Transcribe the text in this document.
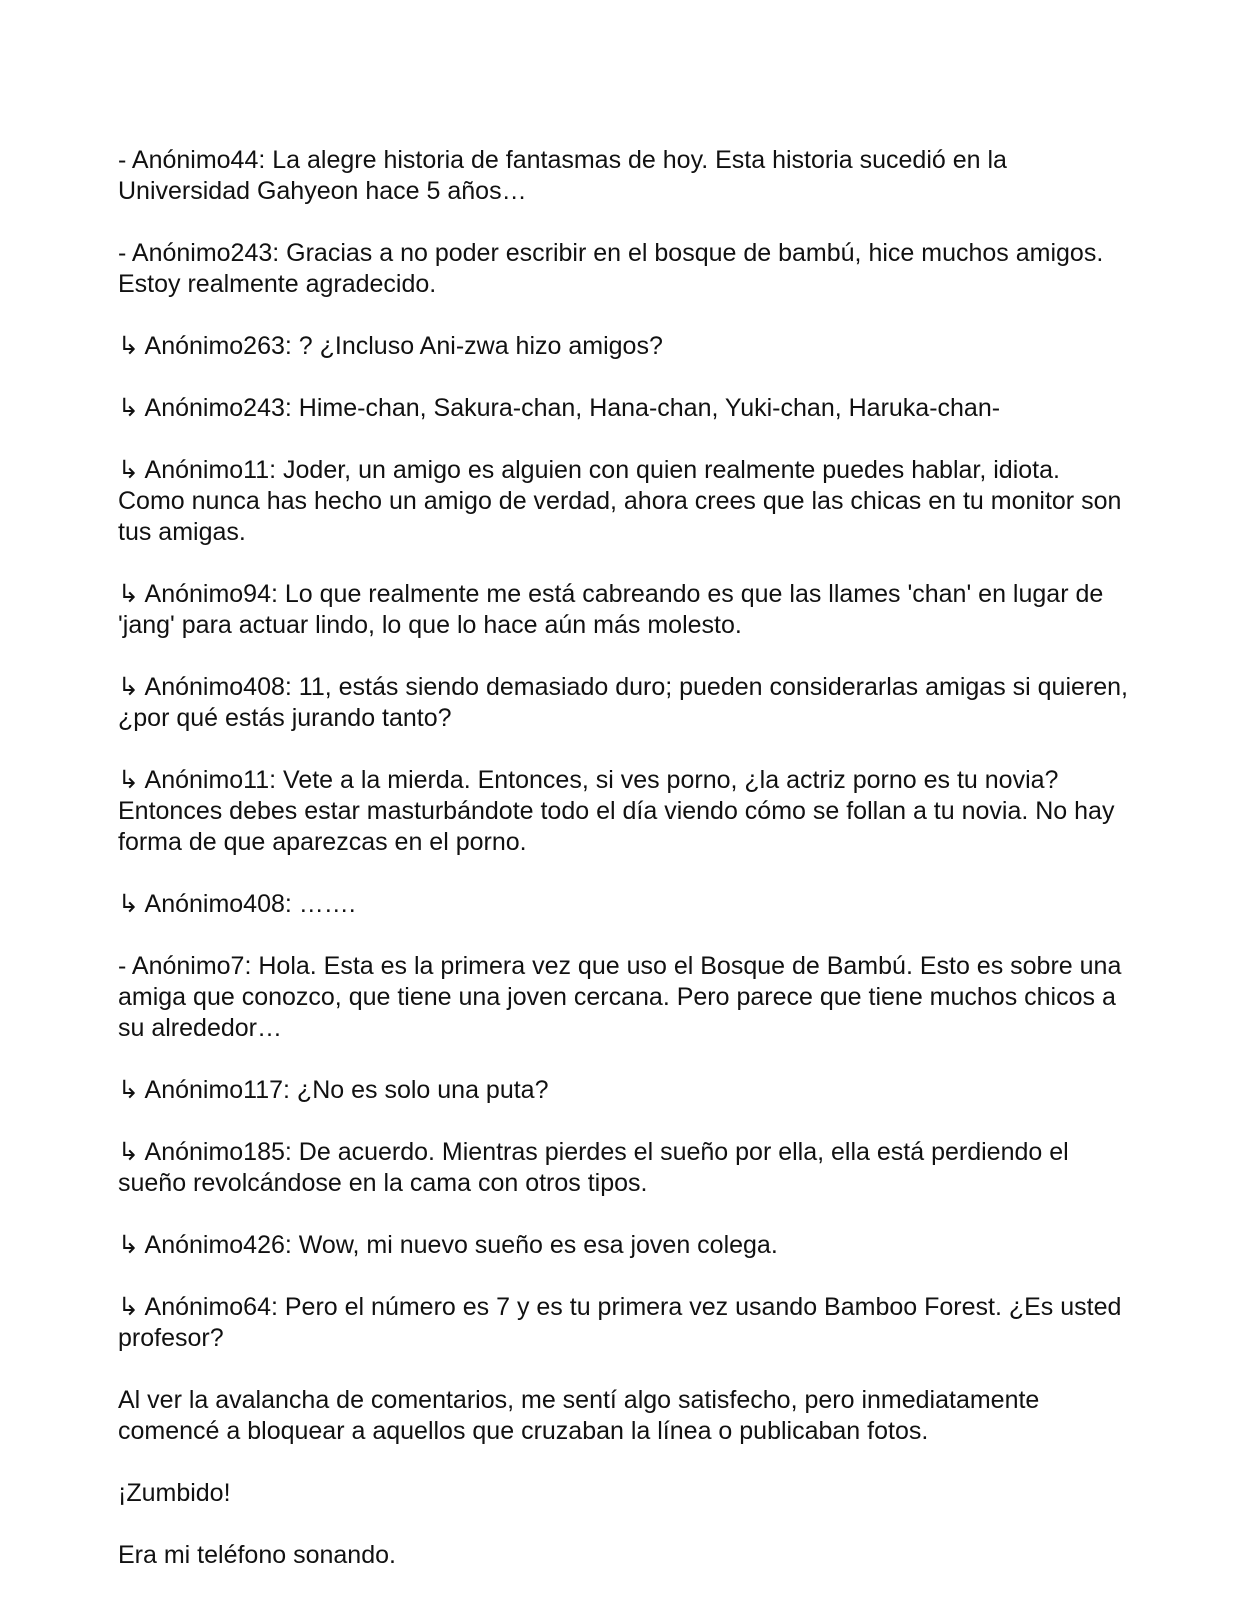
- Anónimo44: La alegre historia de fantasmas de hoy. Esta historia sucedió en la Universidad Gahyeon hace 5 años…

- Anónimo243: Gracias a no poder escribir en el bosque de bambú, hice muchos amigos. Estoy realmente agradecido.

↳ Anónimo263: ? ¿Incluso Ani-zwa hizo amigos?

↳ Anónimo243: Hime-chan, Sakura-chan, Hana-chan, Yuki-chan, Haruka-chan-

↳ Anónimo11: Joder, un amigo es alguien con quien realmente puedes hablar, idiota. Como nunca has hecho un amigo de verdad, ahora crees que las chicas en tu monitor son tus amigas.

↳ Anónimo94: Lo que realmente me está cabreando es que las llames 'chan' en lugar de 'jang' para actuar lindo, lo que lo hace aún más molesto.

↳ Anónimo408: 11, estás siendo demasiado duro; pueden considerarlas amigas si quieren, ¿por qué estás jurando tanto?

↳ Anónimo11: Vete a la mierda. Entonces, si ves porno, ¿la actriz porno es tu novia? Entonces debes estar masturbándote todo el día viendo cómo se follan a tu novia. No hay forma de que aparezcas en el porno.

↳ Anónimo408: …….

- Anónimo7: Hola. Esta es la primera vez que uso el Bosque de Bambú. Esto es sobre una amiga que conozco, que tiene una joven cercana. Pero parece que tiene muchos chicos a su alrededor…

↳ Anónimo117: ¿No es solo una puta?

↳ Anónimo185: De acuerdo. Mientras pierdes el sueño por ella, ella está perdiendo el sueño revolcándose en la cama con otros tipos.

↳ Anónimo426: Wow, mi nuevo sueño es esa joven colega.

↳ Anónimo64: Pero el número es 7 y es tu primera vez usando Bamboo Forest. ¿Es usted profesor?

Al ver la avalancha de comentarios, me sentí algo satisfecho, pero inmediatamente comencé a bloquear a aquellos que cruzaban la línea o publicaban fotos.

¡Zumbido!

Era mi teléfono sonando.
